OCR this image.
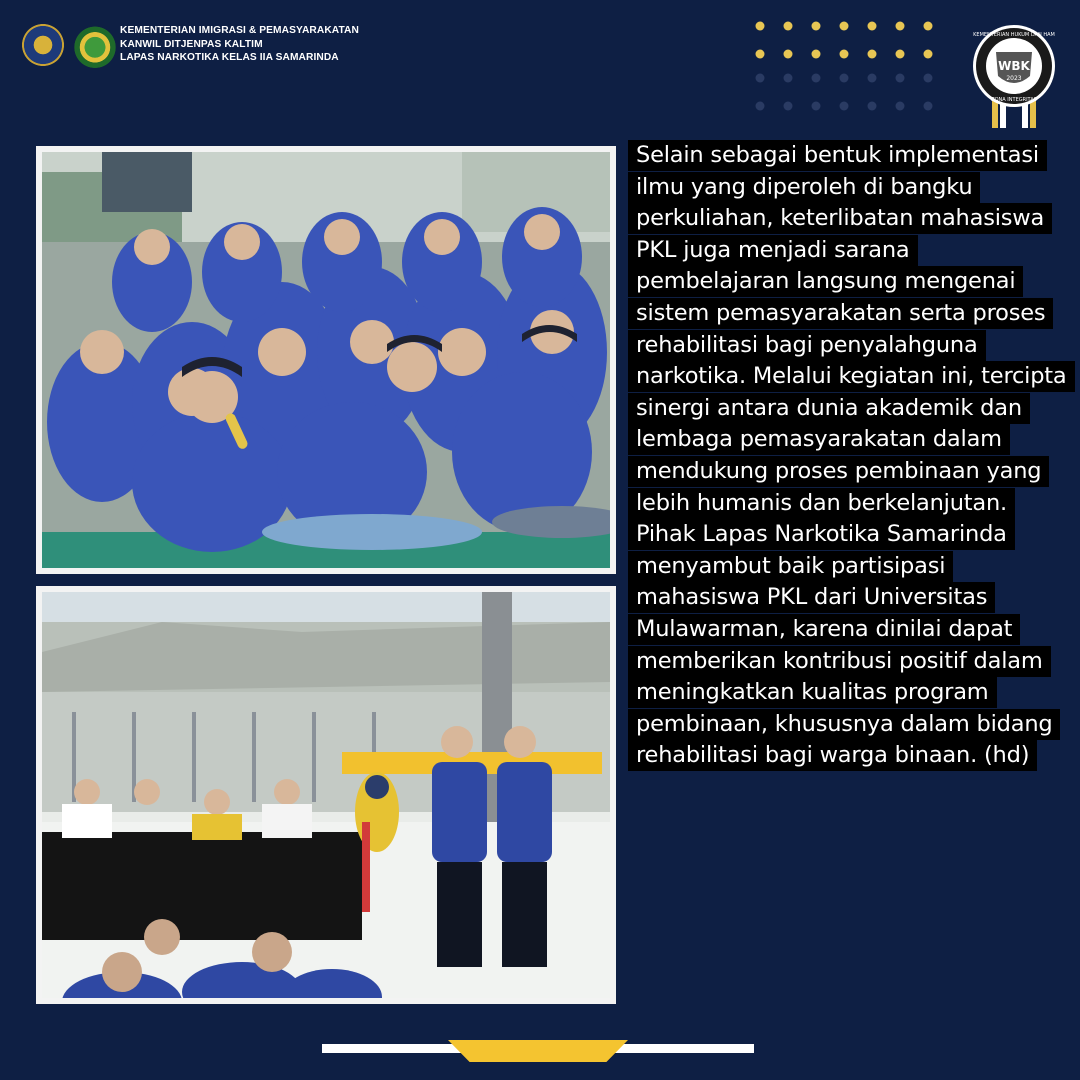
KEMENTERIAN IMIGRASI & PEMASYARAKATAN
KANWIL DITJENPAS KALTIM
LAPAS NARKOTIKA KELAS IIA SAMARINDA
KEMENTERIAN HUKUM DAN HAM
WBK
2023
ZONA INTEGRITAS

Selain sebagai bentuk implementasi ilmu yang diperoleh di bangku perkuliahan, keterlibatan mahasiswa PKL juga menjadi sarana pembelajaran langsung mengenai sistem pemasyarakatan serta proses rehabilitasi bagi penyalahguna narkotika. Melalui kegiatan ini, tercipta sinergi antara dunia akademik dan lembaga pemasyarakatan dalam mendukung proses pembinaan yang lebih humanis dan berkelanjutan.

Pihak Lapas Narkotika Samarinda menyambut baik partisipasi mahasiswa PKL dari Universitas Mulawarman, karena dinilai dapat memberikan kontribusi positif dalam meningkatkan kualitas program pembinaan, khususnya dalam bidang rehabilitasi bagi warga binaan. (hd)
